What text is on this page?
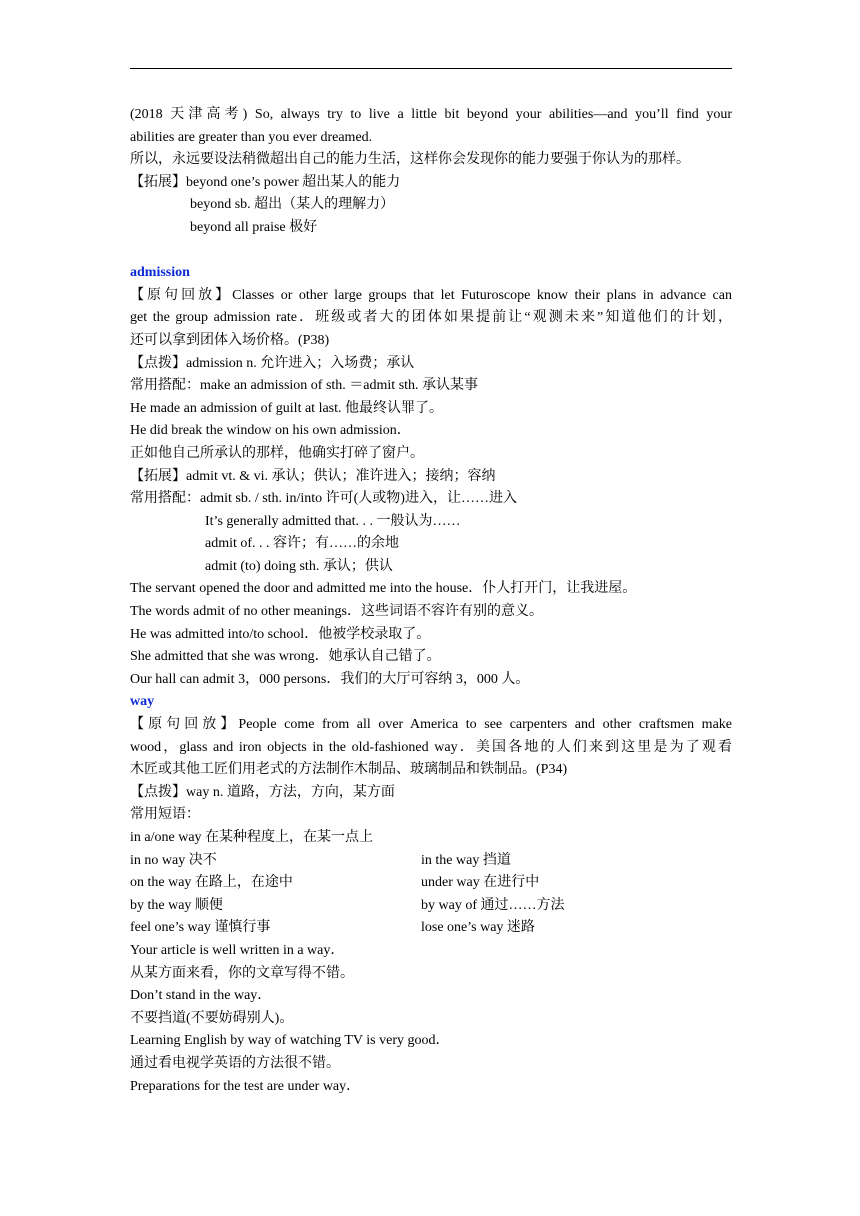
(2018 天津高考) So, always try to live a little bit beyond your abilities—and you’ll find your
abilities are greater than you ever dreamed.
所以，永远要设法稍微超出自己的能力生活，这样你会发现你的能力要强于你认为的那样。
【拓展】beyond one’s power 超出某人的能力
beyond sb. 超出（某人的理解力）
beyond all praise 极好
admission
【原句回放】Classes or other large groups that let Futuroscope know their plans in advance can
get the group admission rate．班级或者大的团体如果提前让“观测未来”知道他们的计划，
还可以拿到团体入场价格。(P38)
【点拨】admission n. 允许进入；入场费；承认
常用搭配：make an admission of sth. ＝admit sth. 承认某事
He made an admission of guilt at last. 他最终认罪了。
He did break the window on his own admission．
正如他自己所承认的那样，他确实打碎了窗户。
【拓展】admit vt. & vi. 承认；供认；准许进入；接纳；容纳
常用搭配：admit sb. / sth. in/into 许可(人或物)进入，让……进入
It’s generally admitted that. . . 一般认为……
admit of. . . 容许；有……的余地
admit (to) doing sth. 承认；供认
The servant opened the door and admitted me into the house．仆人打开门，让我进屋。
The words admit of no other meanings．这些词语不容许有别的意义。
He was admitted into/to school．他被学校录取了。
She admitted that she was wrong．她承认自己错了。
Our hall can admit 3，000 persons．我们的大厅可容纳 3，000 人。
way
【原句回放】People come from all over America to see carpenters and other craftsmen make
wood，glass and iron objects in the old-fashioned way．美国各地的人们来到这里是为了观看
木匠或其他工匠们用老式的方法制作木制品、玻璃制品和铁制品。(P34)
【点拨】way n. 道路，方法，方向，某方面
常用短语：
in a/one way 在某种程度上，在某一点上
in no way 决不	in the way 挡道
on the way 在路上，在途中	under way 在进行中
by the way 顺便	by way of 通过……方法
feel one’s way 谨慎行事	lose one’s way 迷路
Your article is well written in a way．
从某方面来看，你的文章写得不错。
Don’t stand in the way．
不要挡道(不要妨碍别人)。
Learning English by way of watching TV is very good．
通过看电视学英语的方法很不错。
Preparations for the test are under way．
